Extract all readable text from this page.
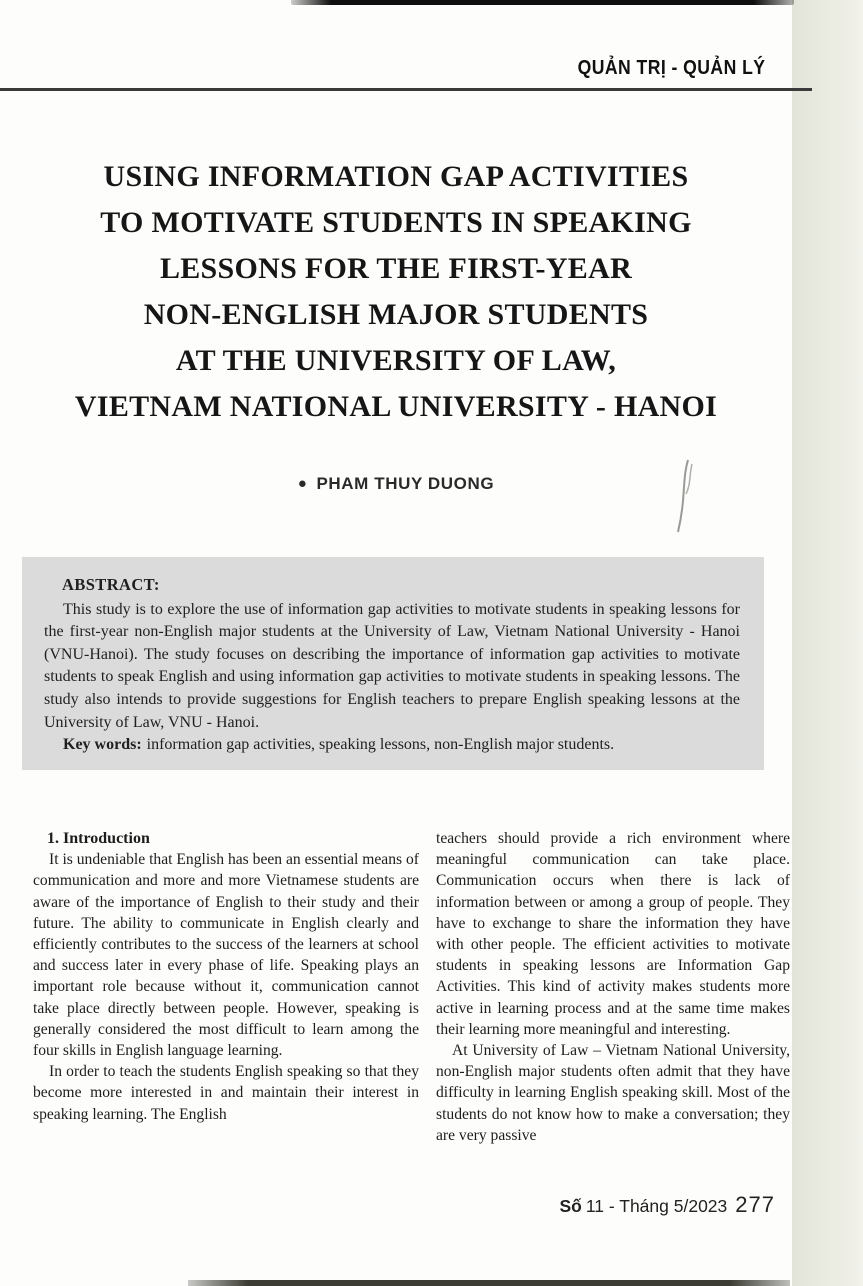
QUẢN TRỊ - QUẢN LÝ
USING INFORMATION GAP ACTIVITIES
TO MOTIVATE STUDENTS IN SPEAKING
LESSONS FOR THE FIRST-YEAR
NON-ENGLISH MAJOR STUDENTS
AT THE UNIVERSITY OF LAW,
VIETNAM NATIONAL UNIVERSITY - HANOI
● PHAM THUY DUONG
ABSTRACT:

This study is to explore the use of information gap activities to motivate students in speaking lessons for the first-year non-English major students at the University of Law, Vietnam National University - Hanoi (VNU-Hanoi). The study focuses on describing the importance of information gap activities to motivate students to speak English and using information gap activities to motivate students in speaking lessons. The study also intends to provide suggestions for English teachers to prepare English speaking lessons at the University of Law, VNU - Hanoi.

Key words: information gap activities, speaking lessons, non-English major students.

1. Introduction

It is undeniable that English has been an essential means of communication and more and more Vietnamese students are aware of the importance of English to their study and their future. The ability to communicate in English clearly and efficiently contributes to the success of the learners at school and success later in every phase of life. Speaking plays an important role because without it, communication cannot take place directly between people. However, speaking is generally considered the most difficult to learn among the four skills in English language learning.

In order to teach the students English speaking so that they become more interested in and maintain their interest in speaking learning. The English

teachers should provide a rich environment where meaningful communication can take place. Communication occurs when there is lack of information between or among a group of people. They have to exchange to share the information they have with other people. The efficient activities to motivate students in speaking lessons are Information Gap Activities. This kind of activity makes students more active in learning process and at the same time makes their learning more meaningful and interesting.

At University of Law – Vietnam National University, non-English major students often admit that they have difficulty in learning English speaking skill. Most of the students do not know how to make a conversation; they are very passive

Số 11 - Tháng 5/2023 277
